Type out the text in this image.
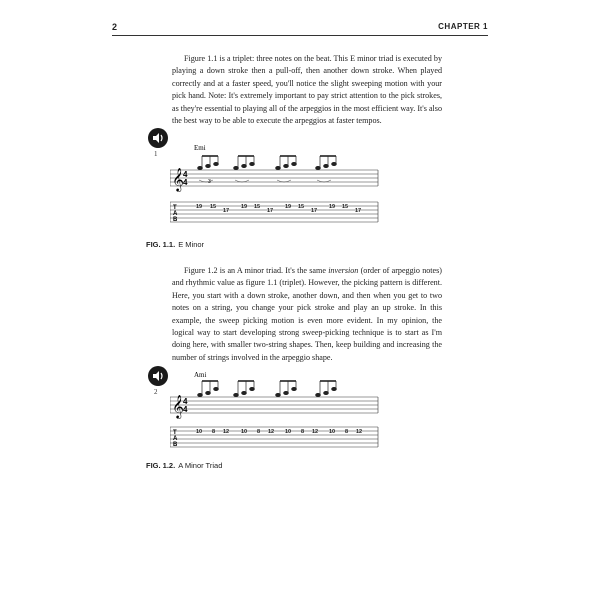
2	CHAPTER 1

Figure 1.1 is a triplet: three notes on the beat. This E minor triad is executed by playing a down stroke then a pull-off, then another down stroke. When played correctly and at a faster speed, you'll notice the slight sweeping motion with your pick hand. Note: It's extremely important to pay strict attention to the pick strokes, as they're essential to playing all of the arpeggios in the most efficient way. It's also the best way to be able to execute the arpeggios at faster tempos.

1
Emi
𝄞 4
4	3
T
A
B
19 15
17
19 15
17
19 15
17
19 15
17
FIG. 1.1. E Minor

Figure 1.2 is an A minor triad. It's the same inversion (order of arpeggio notes) and rhythmic value as figure 1.1 (triplet). However, the picking pattern is different. Here, you start with a down stroke, another down, and then when you get to two notes on a string, you change your pick stroke and play an up stroke. In this example, the sweep picking motion is even more evident. In my opinion, the logical way to start developing strong sweep-picking technique is to start as I'm doing here, with smaller two-string shapes. Then, keep building and increasing the number of strings involved in the arpeggio shape.

2
Ami
𝄞 4
4
T
A
B
10 8 12 10 8 12 10 8 12 10 8 12
FIG. 1.2. A Minor Triad
